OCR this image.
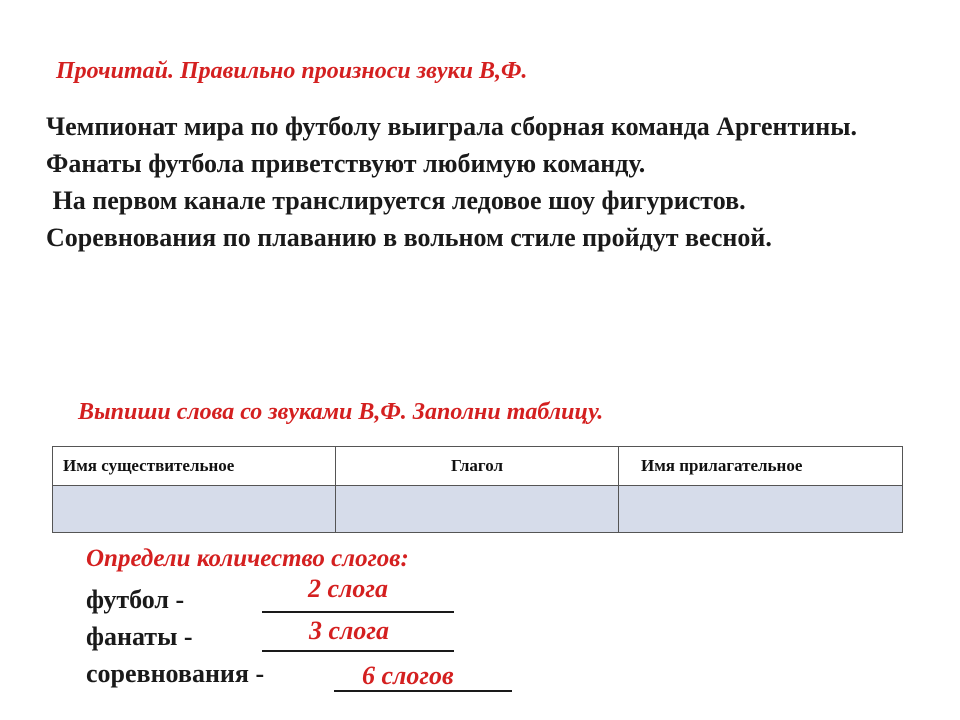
Прочитай. Правильно произноси звуки В,Ф.

Чемпионат мира по футболу выиграла сборная команда Аргентины.

Фанаты футбола приветствуют любимую команду.

На первом канале транслируется ледовое шоу фигуристов.

Соревнования по плаванию в вольном стиле пройдут весной.

Выпиши слова со звуками В,Ф. Заполни таблицу.
Имя существительное	Глагол	Имя прилагательное

Определи количество слогов:
футбол -	2 слога
фанаты -	3 слога
соревнования -	6 слогов
